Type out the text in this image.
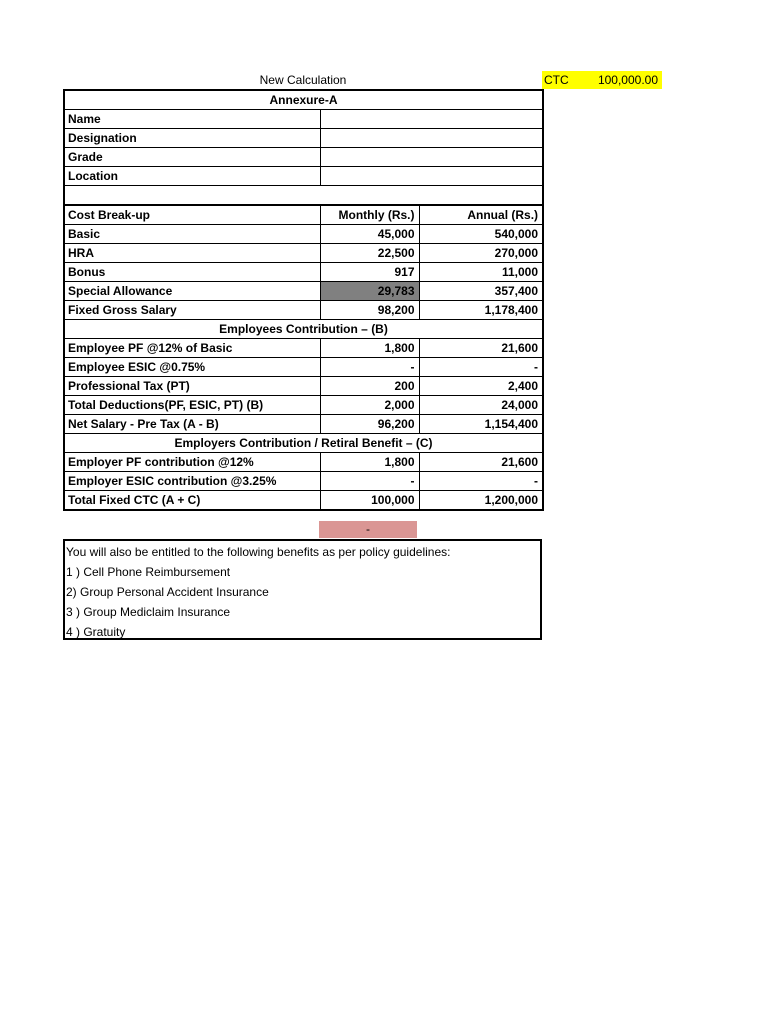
New Calculation	CTC 100,000.00
Annexure-A		
Name		
Designation		
Grade		
Location		

Cost Break-up	Monthly (Rs.)	Annual (Rs.)
Basic	45,000	540,000
HRA	22,500	270,000
Bonus	917	11,000
Special Allowance	29,783	357,400
Fixed Gross Salary	98,200	1,178,400
Employees Contribution – (B)		
Employee PF @12% of Basic	1,800	21,600
Employee ESIC @0.75%	-	-
Professional Tax (PT)	200	2,400
Total Deductions(PF, ESIC, PT) (B)	2,000	24,000
Net Salary - Pre Tax (A - B)	96,200	1,154,400
Employers Contribution / Retiral Benefit – (C)		
Employer PF contribution @12%	1,800	21,600
Employer ESIC contribution @3.25%	-	-
Total Fixed CTC (A + C)	100,000	1,200,000
-
You will also be entitled to the following benefits as per policy guidelines:
1 ) Cell Phone Reimbursement
2) Group Personal Accident Insurance
3 ) Group Mediclaim Insurance
4 ) Gratuity
